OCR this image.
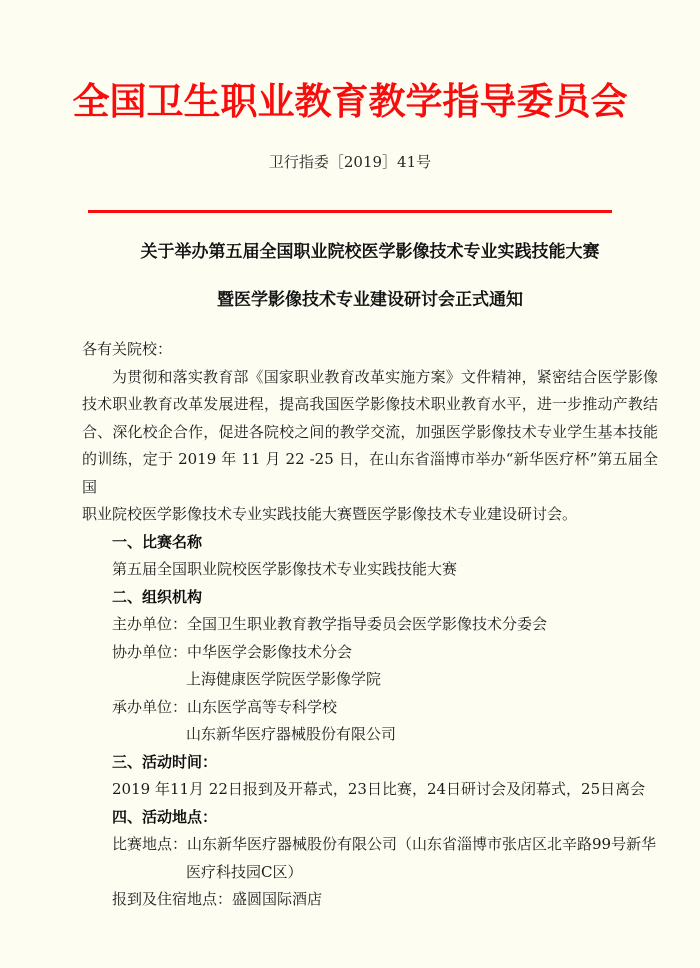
全国卫生职业教育教学指导委员会
卫行指委［2019］41号
关于举办第五届全国职业院校医学影像技术专业实践技能大赛
暨医学影像技术专业建设研讨会正式通知
各有关院校：
为贯彻和落实教育部《国家职业教育改革实施方案》文件精神，紧密结合医学影像
技术职业教育改革发展进程，提高我国医学影像技术职业教育水平，进一步推动产教结
合、深化校企合作，促进各院校之间的教学交流，加强医学影像技术专业学生基本技能
的训练，定于 2019 年 11 月 22 -25 日，在山东省淄博市举办“新华医疗杯”第五届全国
职业院校医学影像技术专业实践技能大赛暨医学影像技术专业建设研讨会。
一、比赛名称
第五届全国职业院校医学影像技术专业实践技能大赛
二、组织机构
主办单位：全国卫生职业教育教学指导委员会医学影像技术分委会
协办单位：中华医学会影像技术分会
上海健康医学院医学影像学院
承办单位：山东医学高等专科学校
山东新华医疗器械股份有限公司
三、活动时间：
2019 年11月 22日报到及开幕式，23日比赛，24日研讨会及闭幕式，25日离会
四、活动地点：
比赛地点：山东新华医疗器械股份有限公司（山东省淄博市张店区北辛路99号新华
医疗科技园C区）
报到及住宿地点：盛圆国际酒店
